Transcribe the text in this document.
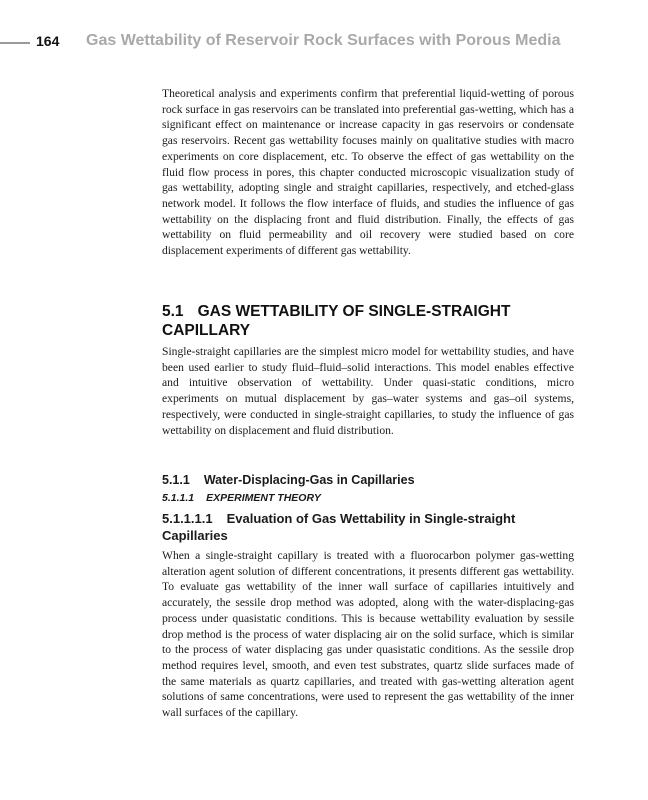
164 Gas Wettability of Reservoir Rock Surfaces with Porous Media

Theoretical analysis and experiments confirm that preferential liquid-wetting of porous rock surface in gas reservoirs can be translated into preferential gas-wetting, which has a significant effect on maintenance or increase capacity in gas reservoirs or condensate gas reservoirs. Recent gas wettability focuses mainly on qualitative studies with macro experiments on core displacement, etc. To observe the effect of gas wettability on the fluid flow process in pores, this chapter conducted microscopic visualization study of gas wettability, adopting single and straight capillaries, respectively, and etched-glass network model. It follows the flow interface of fluids, and studies the influence of gas wettability on the displacing front and fluid distribution. Finally, the effects of gas wettability on fluid permeability and oil recovery were studied based on core displacement experiments of different gas wettability.

5.1 GAS WETTABILITY OF SINGLE-STRAIGHT CAPILLARY

Single-straight capillaries are the simplest micro model for wettability studies, and have been used earlier to study fluid–fluid–solid interactions. This model enables effective and intuitive observation of wettability. Under quasi-static conditions, micro experiments on mutual displacement by gas–water systems and gas–oil systems, respectively, were conducted in single-straight capillaries, to study the influence of gas wettability on displacement and fluid distribution.

5.1.1 Water-Displacing-Gas in Capillaries
5.1.1.1 EXPERIMENT THEORY
5.1.1.1.1 Evaluation of Gas Wettability in Single-straight Capillaries

When a single-straight capillary is treated with a fluorocarbon polymer gas-wetting alteration agent solution of different concentrations, it presents different gas wettability. To evaluate gas wettability of the inner wall surface of capillaries intuitively and accurately, the sessile drop method was adopted, along with the water-displacing-gas process under quasistatic conditions. This is because wettability evaluation by sessile drop method is the process of water displacing air on the solid surface, which is similar to the process of water displacing gas under quasistatic conditions. As the sessile drop method requires level, smooth, and even test substrates, quartz slide surfaces made of the same materials as quartz capillaries, and treated with gas-wetting alteration agent solutions of same concentrations, were used to represent the gas wettability of the inner wall surfaces of the capillary.
